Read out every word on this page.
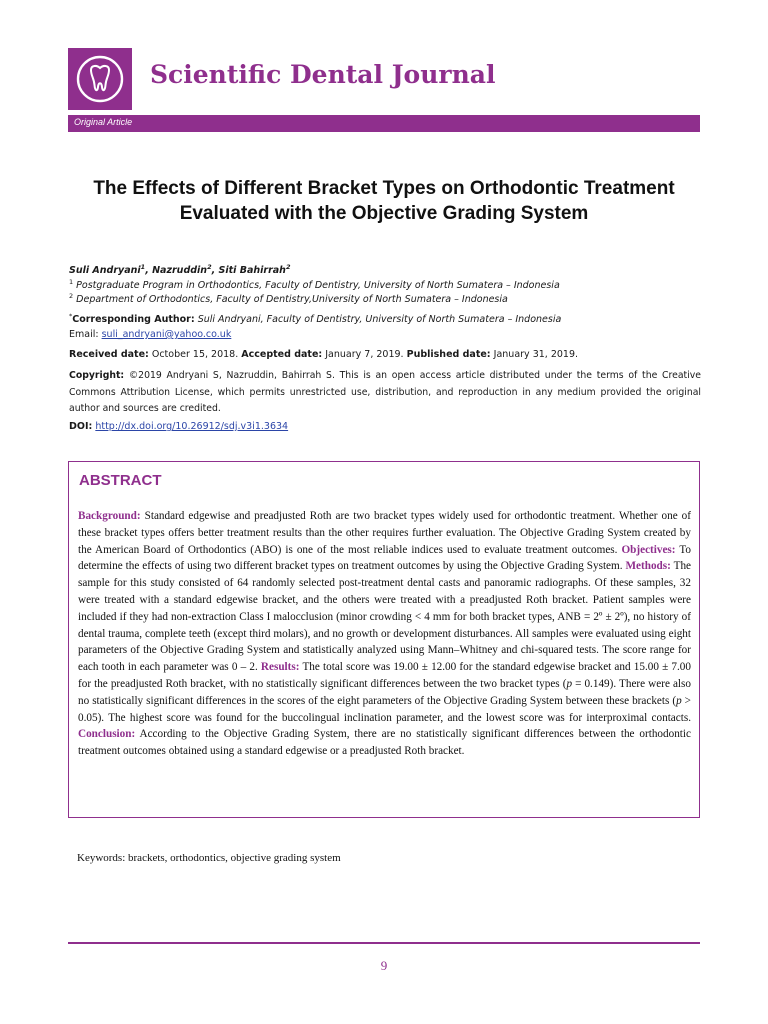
Scientific Dental Journal
Original Article
The Effects of Different Bracket Types on Orthodontic Treatment
Evaluated with the Objective Grading System
Suli Andryani$^1$, Nazruddin$^2$, Siti Bahirrah$^2$
$^1$ Postgraduate Program in Orthodontics, Faculty of Dentistry, University of North Sumatera – Indonesia
$^2$ Department of Orthodontics, Faculty of Dentistry,University of North Sumatera – Indonesia
*Corresponding Author: Suli Andryani, Faculty of Dentistry, University of North Sumatera – Indonesia
Email: suli_andryani@yahoo.co.uk
Received date: October 15, 2018. Accepted date: January 7, 2019. Published date: January 31, 2019.
Copyright: ©2019 Andryani S, Nazruddin, Bahirrah S. This is an open access article distributed under the terms of the Creative Commons Attribution License, which permits unrestricted use, distribution, and reproduction in any medium provided the original author and sources are credited.
DOI: http://dx.doi.org/10.26912/sdj.v3i1.3634
ABSTRACT
Background: Standard edgewise and preadjusted Roth are two bracket types widely used for orthodontic treatment. Whether one of these bracket types offers better treatment results than the other requires further evaluation. The Objective Grading System created by the American Board of Orthodontics (ABO) is one of the most reliable indices used to evaluate treatment outcomes. Objectives: To determine the effects of using two different bracket types on treatment outcomes by using the Objective Grading System. Methods: The sample for this study consisted of 64 randomly selected post-treatment dental casts and panoramic radiographs. Of these samples, 32 were treated with a standard edgewise bracket, and the others were treated with a preadjusted Roth bracket. Patient samples were included if they had non-extraction Class I malocclusion (minor crowding < 4 mm for both bracket types, ANB = 2º ± 2º), no history of dental trauma, complete teeth (except third molars), and no growth or development disturbances. All samples were evaluated using eight parameters of the Objective Grading System and statistically analyzed using Mann–Whitney and chi-squared tests. The score range for each tooth in each parameter was 0 – 2. Results: The total score was 19.00 ± 12.00 for the standard edgewise bracket and 15.00 ± 7.00 for the preadjusted Roth bracket, with no statistically significant differences between the two bracket types (p = 0.149). There were also no statistically significant differences in the scores of the eight parameters of the Objective Grading System between these brackets (p > 0.05). The highest score was found for the buccolingual inclination parameter, and the lowest score was for interproximal contacts. Conclusion: According to the Objective Grading System, there are no statistically significant differences between the orthodontic treatment outcomes obtained using a standard edgewise or a preadjusted Roth bracket.
Keywords: brackets, orthodontics, objective grading system
9
